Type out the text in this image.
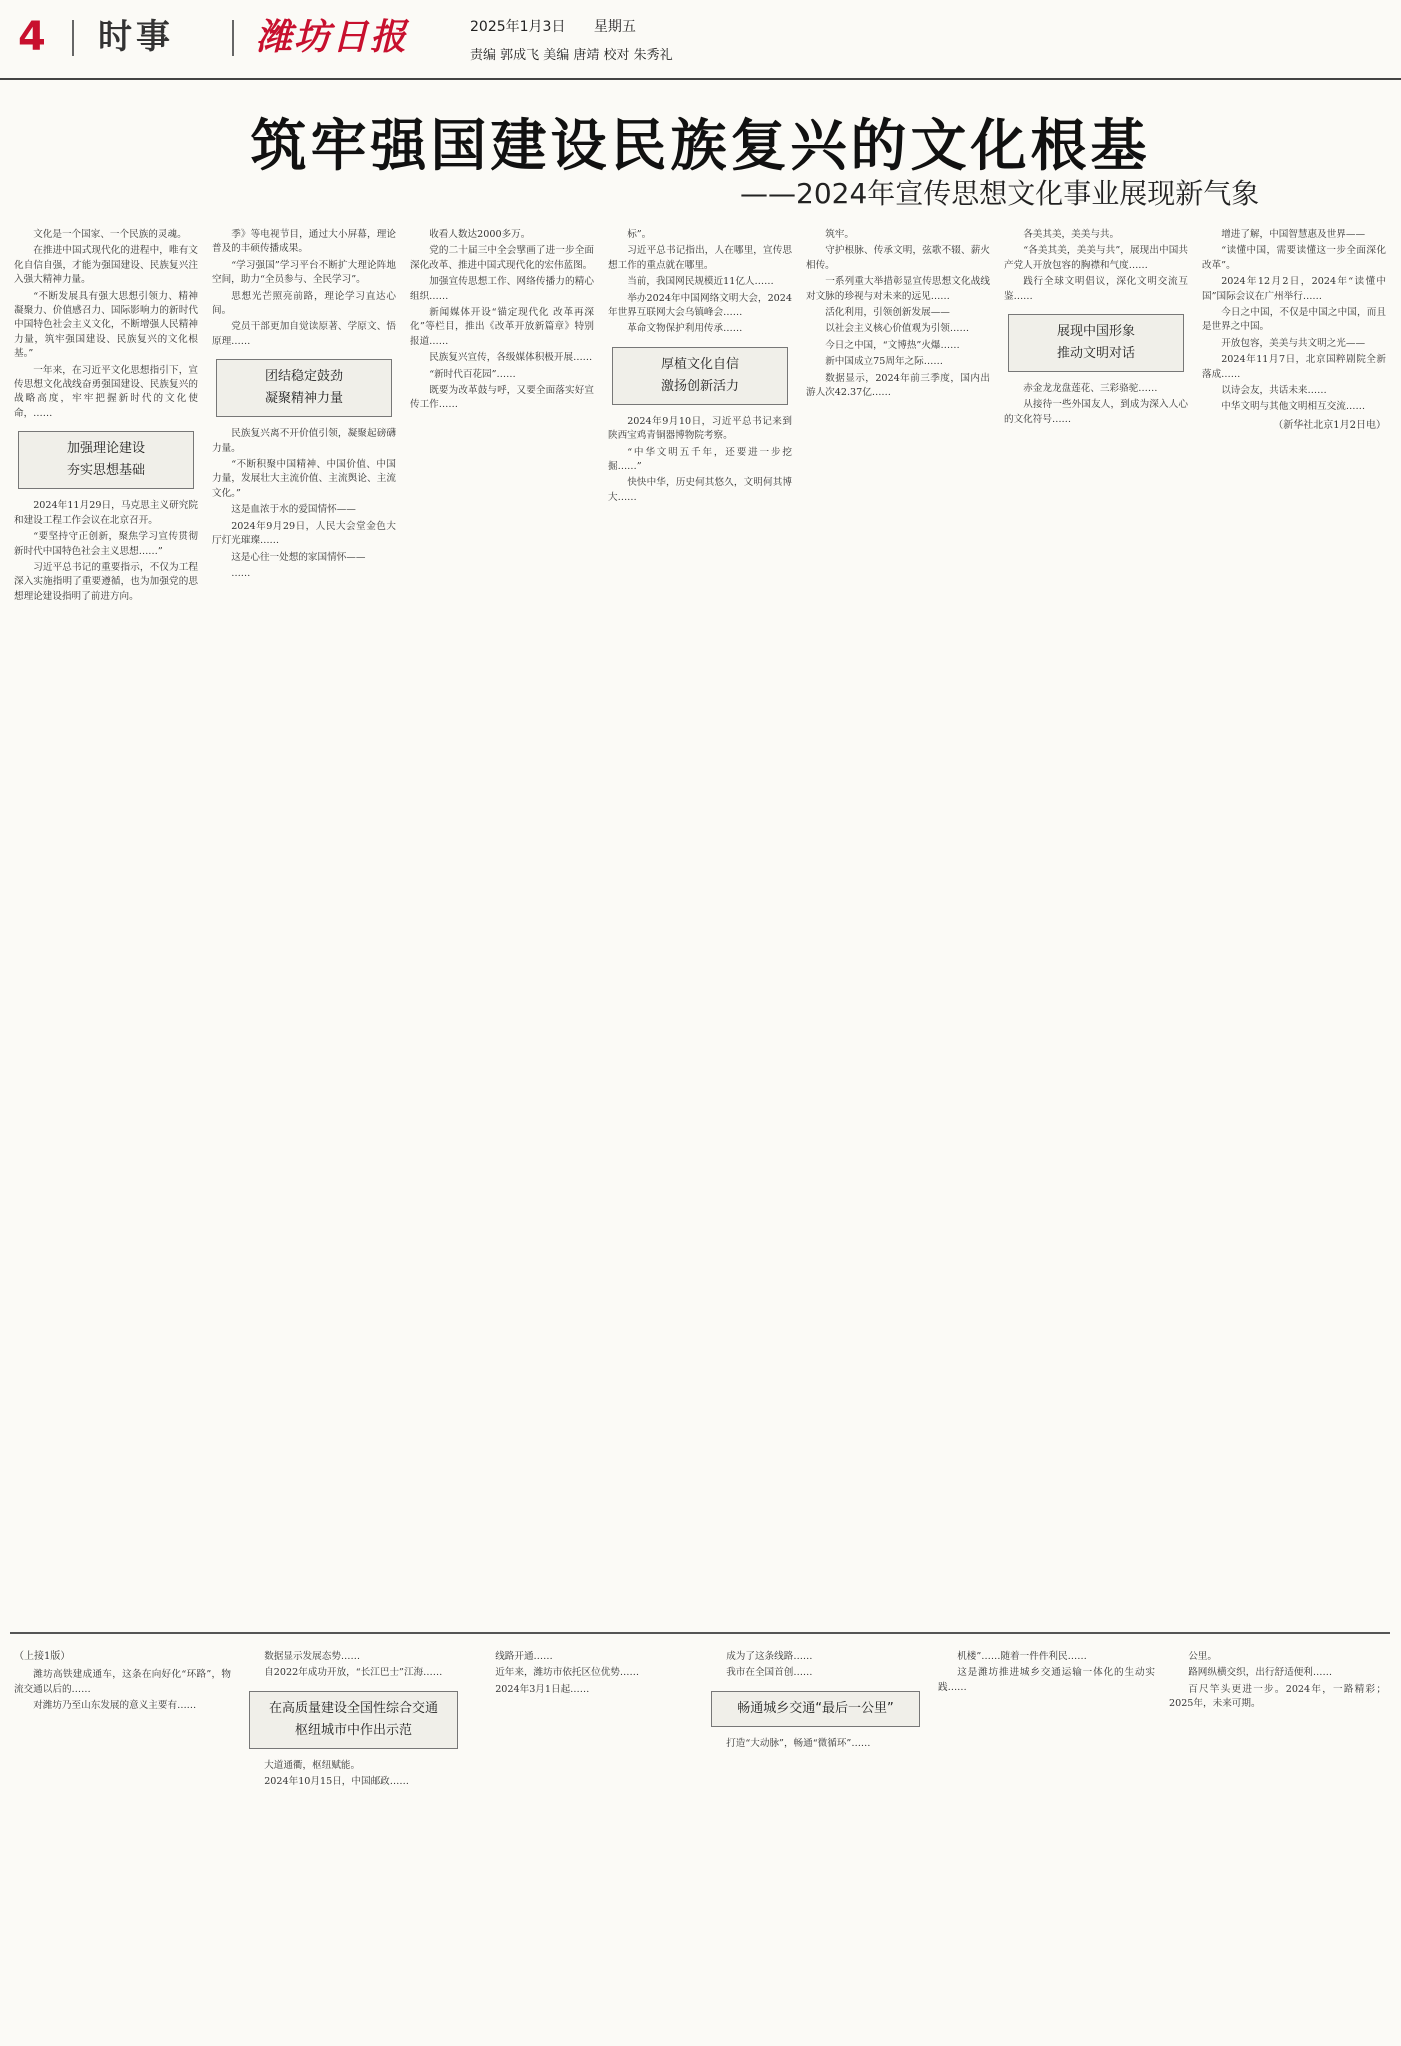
4 时事 潍坊日报	2025年1月3日 星期五
责编 郭成飞 美编 唐靖 校对 朱秀礼
筑牢强国建设民族复兴的文化根基
——2024年宣传思想文化事业展现新气象

文化是一个国家、一个民族的灵魂。

在推进中国式现代化的进程中，唯有文化自信自强，才能为强国建设、民族复兴注入强大精神力量。

“不断发展具有强大思想引领力、精神凝聚力、价值感召力、国际影响力的新时代中国特色社会主义文化，不断增强人民精神力量，筑牢强国建设、民族复兴的文化根基。”

一年来，在习近平文化思想指引下，宣传思想文化战线奋勇强国建设、民族复兴的战略高度，牢牢把握新时代的文化使命，……

加强理论建设
夯实思想基础

2024年11月29日，马克思主义研究院和建设工程工作会议在北京召开。

“要坚持守正创新，聚焦学习宣传贯彻新时代中国特色社会主义思想……”

习近平总书记的重要指示，不仅为工程深入实施指明了重要遵循，也为加强党的思想理论建设指明了前进方向。

季》等电视节目，通过大小屏幕，理论普及的丰硕传播成果。

“学习强国”学习平台不断扩大理论阵地空间，助力“全员参与、全民学习”。

思想光芒照亮前路，理论学习直达心间。

党员干部更加自觉读原著、学原文、悟原理……

团结稳定鼓劲
凝聚精神力量

民族复兴离不开价值引领，凝聚起磅礴力量。

“不断积聚中国精神、中国价值、中国力量，发展壮大主流价值、主流舆论、主流文化。”

这是血浓于水的爱国情怀——

2024年9月29日，人民大会堂金色大厅灯光璀璨……

这是心往一处想的家国情怀——

……

收看人数达2000多万。

党的二十届三中全会擘画了进一步全面深化改革、推进中国式现代化的宏伟蓝图。

加强宣传思想工作、网络传播力的精心组织……

新闻媒体开设“锚定现代化 改革再深化”等栏目，推出《改革开放新篇章》特别报道……

民族复兴宣传，各级媒体积极开展……

“新时代百花园”……

既要为改革鼓与呼，又要全面落实好宣传工作……

标”。

习近平总书记指出，人在哪里，宣传思想工作的重点就在哪里。

当前，我国网民规模近11亿人……

举办2024年中国网络文明大会，2024年世界互联网大会乌镇峰会……

革命文物保护利用传承……

厚植文化自信
激扬创新活力

2024年9月10日，习近平总书记来到陕西宝鸡青铜器博物院考察。

“中华文明五千年，还要进一步挖掘……”

快快中华，历史何其悠久，文明何其博大……

筑牢。

守护根脉、传承文明，弦歌不辍、薪火相传。

一系列重大举措彰显宣传思想文化战线对文脉的珍视与对未来的远见……

活化利用，引领创新发展——

以社会主义核心价值观为引领……

今日之中国，“文博热”火爆……

新中国成立75周年之际……

数据显示，2024年前三季度，国内出游人次42.37亿……

各美其美，美美与共。

“各美其美，美美与共”，展现出中国共产党人开放包容的胸襟和气度……

践行全球文明倡议，深化文明交流互鉴……

展现中国形象
推动文明对话

赤金龙龙盘莲花、三彩骆驼……

从接待一些外国友人，到成为深入人心的文化符号……

增进了解，中国智慧惠及世界——

“读懂中国，需要读懂这一步全面深化改革”。

2024年12月2日，2024年“读懂中国”国际会议在广州举行……

今日之中国，不仅是中国之中国，而且是世界之中国。

开放包容，美美与共文明之光——

2024年11月7日，北京国粹剧院全新落成……

以诗会友，共话未来……

中华文明与其他文明相互交流……

（新华社北京1月2日电）
（上接1版）

潍坊高铁建成通车，这条在向好化“环路”，物流交通以后的……

对潍坊乃至山东发展的意义主要有……

数据显示发展态势……

自2022年成功开放，“长江巴士”江海……

在高质量建设全国性综合交通
枢纽城市中作出示范

大道通衢，枢纽赋能。

2024年10月15日，中国邮政……

线路开通……

近年来，潍坊市依托区位优势……

2024年3月1日起……

成为了这条线路……

我市在全国首创……

畅通城乡交通“最后一公里”

打造“大动脉”，畅通“微循环”……

机楼”……随着一件件利民……

这是潍坊推进城乡交通运输一体化的生动实践……

公里。

路网纵横交织，出行舒适便利……

百尺竿头更进一步。2024年，一路精彩；2025年，未来可期。
